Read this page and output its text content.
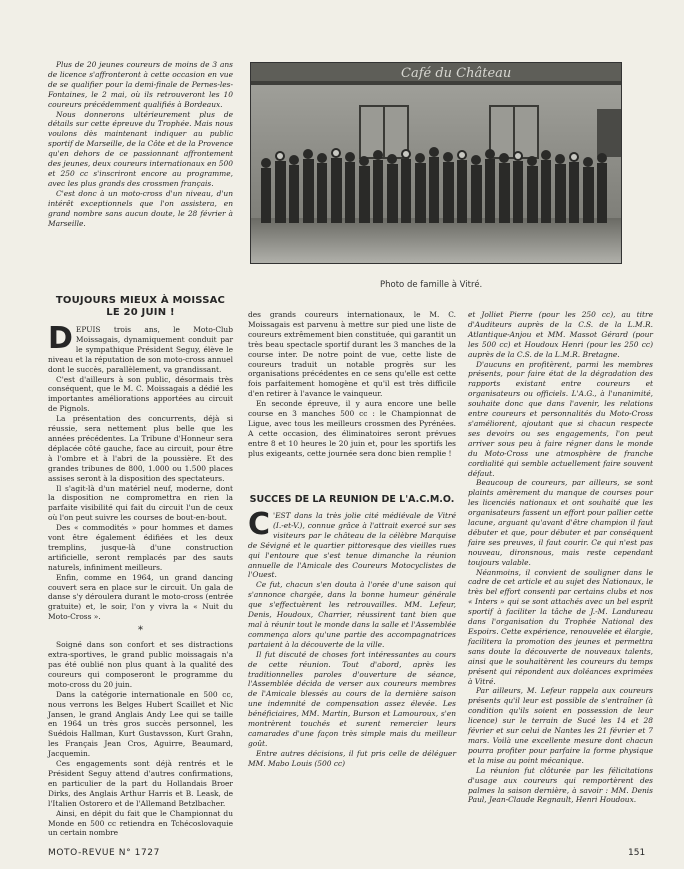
Plus de 20 jeunes coureurs de moins de 3 ans de licence s'affronteront à cette occasion en vue de se qualifier pour la demi-finale de Pernes-les-Fontaines, le 2 mai, où ils retrouveront les 10 coureurs précédemment qualifiés à Bordeaux.

Nous donnerons ultérieurement plus de détails sur cette épreuve du Trophée. Mais nous voulons dès maintenant indiquer au public sportif de Marseille, de la Côte et de la Provence qu'en dehors de ce passionnant affrontement des jeunes, deux coureurs internationaux en 500 et 250 cc s'inscriront encore au programme, avec les plus grands des crossmen français.

C'est donc à un moto-cross d'un niveau, d'un intérêt exceptionnels que l'on assistera, en grand nombre sans aucun doute, le 28 février à Marseille.

Café du Château
Photo de famille à Vitré.
TOUJOURS MIEUX À MOISSAC LE 20 JUIN !

DEPUIS trois ans, le Moto-Club Moissagais, dynamiquement conduit par le sympathique Président Seguy, élève le niveau et la réputation de son moto-cross annuel dont le succès, parallèlement, va grandissant.

C'est d'ailleurs à son public, désormais très conséquent, que le M. C. Moissagais a dédié les importantes améliorations apportées au circuit de Pignols.

La présentation des concurrents, déjà si réussie, sera nettement plus belle que les années précédentes. La Tribune d'Honneur sera déplacée côté gauche, face au circuit, pour être à l'ombre et à l'abri de la poussière. Et des grandes tribunes de 800, 1.000 ou 1.500 places assises seront à la disposition des spectateurs.

Il s'agit-là d'un matériel neuf, moderne, dont la disposition ne compromettra en rien la parfaite visibilité qui fait du circuit l'un de ceux où l'on peut suivre les courses de bout-en-bout.

Des « commodités » pour hommes et dames vont être également édifiées et les deux tremplins, jusque-là d'une construction artificielle, seront remplacés par des sauts naturels, infiniment meilleurs.

Enfin, comme en 1964, un grand dancing couvert sera en place sur le circuit. Un gala de danse s'y déroulera durant le moto-cross (entrée gratuite) et, le soir, l'on y vivra la « Nuit du Moto-Cross ».

*

Soigné dans son confort et ses distractions extra-sportives, le grand public moissagais n'a pas été oublié non plus quant à la qualité des coureurs qui composeront le programme du moto-cross du 20 juin.

Dans la catégorie internationale en 500 cc, nous verrons les Belges Hubert Scaillet et Nic Jansen, le grand Anglais Andy Lee qui se taille en 1964 un très gros succès personnel, les Suédois Hallman, Kurt Gustavsson, Kurt Grahn, les Français Jean Cros, Aguirre, Beaumard, Jacquemin.

Ces engagements sont déjà rentrés et le Président Seguy attend d'autres confirmations, en particulier de la part du Hollandais Broer Dirks, des Anglais Arthur Harris et B. Leask, de l'Italien Ostorero et de l'Allemand Betzlbacher.

Ainsi, en dépit du fait que le Championnat du Monde en 500 cc retiendra en Tchécoslovaquie un certain nombre

des grands coureurs internationaux, le M. C. Moissagais est parvenu à mettre sur pied une liste de coureurs extrêmement bien constituée, qui garantit un très beau spectacle sportif durant les 3 manches de la course inter. De notre point de vue, cette liste de coureurs traduit un notable progrès sur les organisations précédentes en ce sens qu'elle est cette fois parfaitement homogène et qu'il est très difficile d'en retirer à l'avance le vainqueur.

En seconde épreuve, il y aura encore une belle course en 3 manches 500 cc : le Championnat de Ligue, avec tous les meilleurs crossmen des Pyrénées. A cette occasion, des éliminatoires seront prévues entre 8 et 10 heures le 20 juin et, pour les sportifs les plus exigeants, cette journée sera donc bien remplie !

SUCCES DE LA REUNION DE L'A.C.M.O.

C 'EST dans la très jolie cité médiévale de Vitré (I.-et-V.), connue grâce à l'attrait exercé sur ses visiteurs par le château de la célèbre Marquise de Sévigné et le quartier pittoresque des vieilles rues qui l'entoure que s'est tenue dimanche la réunion annuelle de l'Amicale des Coureurs Motocyclistes de l'Ouest.

Ce fut, chacun s'en douta à l'orée d'une saison qui s'annonce chargée, dans la bonne humeur générale que s'effectuèrent les retrouvailles. MM. Lefeur, Denis, Houdoux, Charrier, réussirent tant bien que mal à réunir tout le monde dans la salle et l'Assemblée commença alors qu'une partie des accompagnatrices partaient à la découverte de la ville.

Il fut discuté de choses fort intéressantes au cours de cette réunion. Tout d'abord, après les traditionnelles paroles d'ouverture de séance, l'Assemblée décida de verser aux coureurs membres de l'Amicale blessés au cours de la dernière saison une indemnité de compensation assez élevée. Les bénéficiaires, MM. Martin, Burson et Lamouroux, s'en montrèrent touchés et surent remercier leurs camarades d'une façon très simple mais du meilleur goût.

Entre autres décisions, il fut pris celle de déléguer MM. Mabo Louis (500 cc)

et Jolliet Pierre (pour les 250 cc), au titre d'Auditeurs auprès de la C.S. de la L.M.R. Atlantique-Anjou et MM. Massot Gérard (pour les 500 cc) et Houdoux Henri (pour les 250 cc) auprès de la C.S. de la L.M.R. Bretagne.

D'aucuns en profitèrent, parmi les membres présents, pour faire état de la dégradation des rapports existant entre coureurs et organisateurs ou officiels. L'A.G., à l'unanimité, souhaite donc que dans l'avenir, les relations entre coureurs et personnalités du Moto-Cross s'améliorent, ajoutant que si chacun respecte ses devoirs ou ses engagements, l'on peut arriver sous peu à faire régner dans le monde du Moto-Cross une atmosphère de franche cordialité qui semble actuellement faire souvent défaut.

Beaucoup de coureurs, par ailleurs, se sont plaints amèrement du manque de courses pour les licenciés nationaux et ont souhaité que les organisateurs fassent un effort pour pallier cette lacune, arguant qu'avant d'être champion il faut débuter et que, pour débuter et par conséquent faire ses preuves, il faut courir. Ce qui n'est pas nouveau, dironsnous, mais reste cependant toujours valable.

Néanmoins, il convient de souligner dans le cadre de cet article et au sujet des Nationaux, le très bel effort consenti par certains clubs et nos « Inters » qui se sont attachés avec un bel esprit sportif à faciliter la tâche de J.-M. Landureau dans l'organisation du Trophée National des Espoirs. Cette expérience, renouvelée et élargie, facilitera la promotion des jeunes et permettra sans doute la découverte de nouveaux talents, ainsi que le souhaitèrent les coureurs du temps présent qui répondent aux doléances exprimées à Vitré.

Par ailleurs, M. Lefeur rappela aux coureurs présents qu'il leur est possible de s'entraîner (à condition qu'ils soient en possession de leur licence) sur le terrain de Sucé les 14 et 28 février et sur celui de Nantes les 21 février et 7 mars. Voilà une excellente mesure dont chacun pourra profiter pour parfaire la forme physique et la mise au point mécanique.

La réunion fut clôturée par les félicitations d'usage aux coureurs qui remportèrent des palmes la saison dernière, à savoir : MM. Denis Paul, Jean-Claude Regnault, Henri Houdoux.

MOTO-REVUE N° 1727	151
